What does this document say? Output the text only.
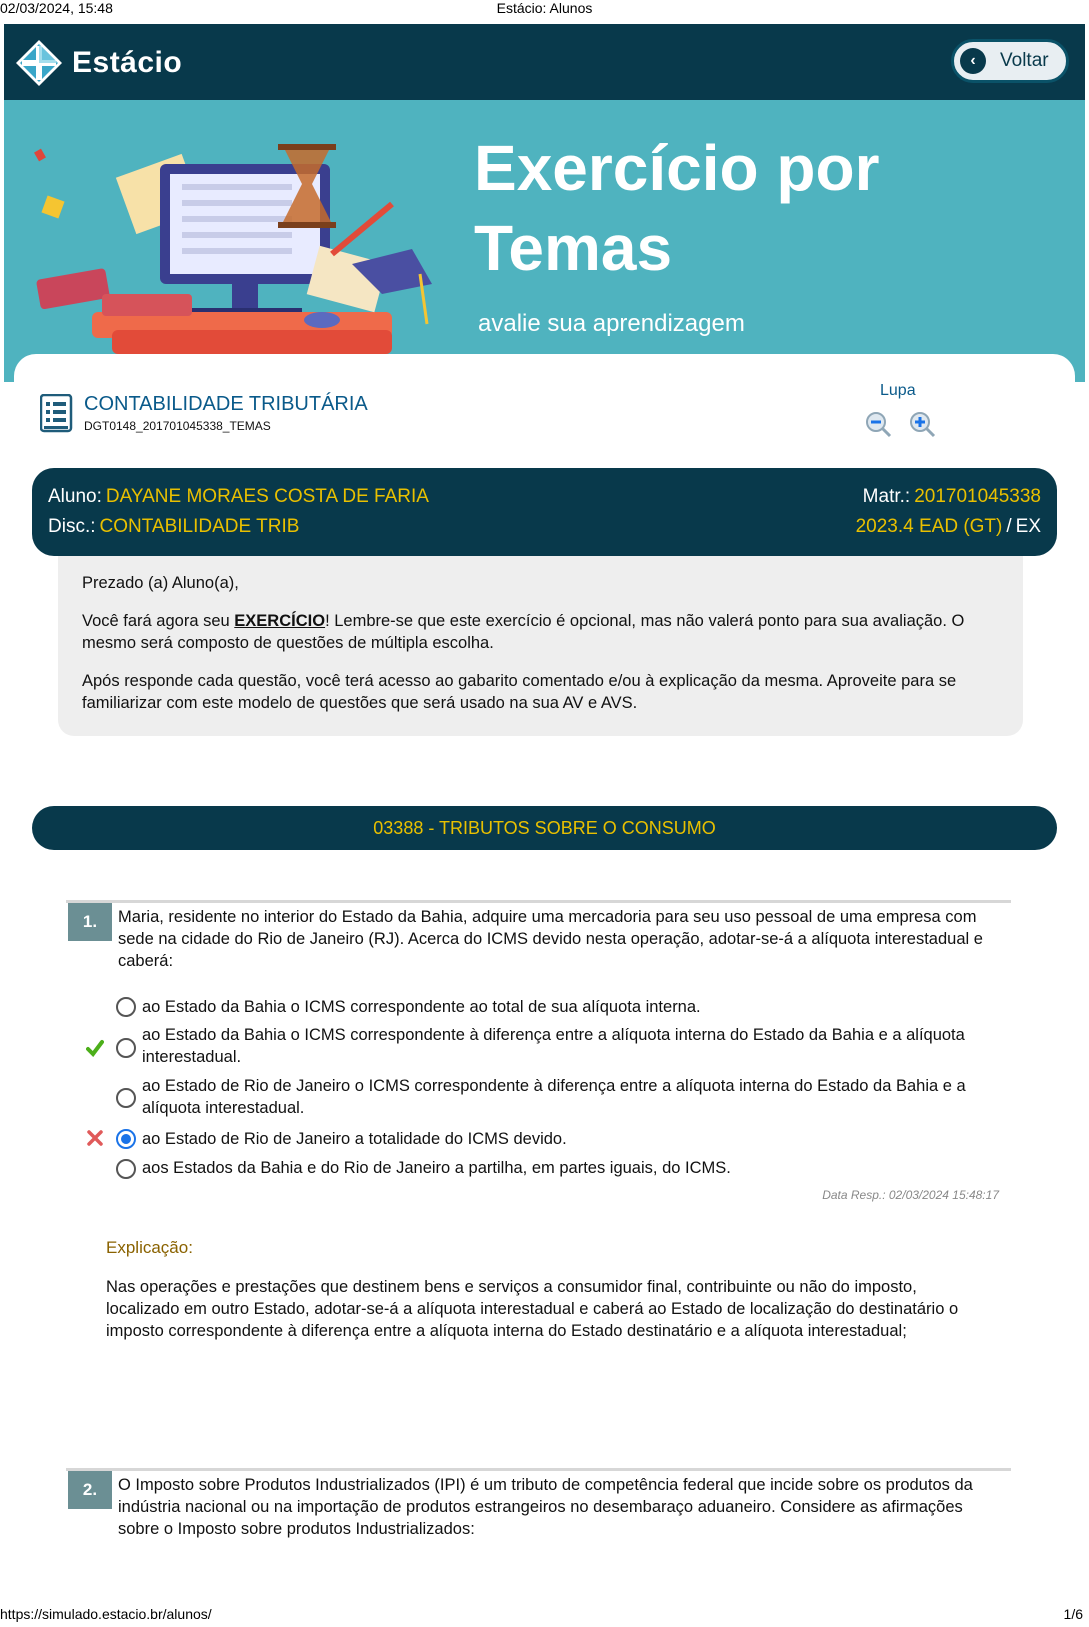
02/03/2024, 15:48	Estácio: Alunos
https://simulado.estacio.br/alunos/	1/6
Estácio	‹	Voltar
Exercício por
Temas
avalie sua aprendizagem
CONTABILIDADE TRIBUTÁRIA
DGT0148_201701045338_TEMAS
Lupa
Aluno: DAYANE MORAES COSTA DE FARIA
Disc.: CONTABILIDADE TRIB
Matr.: 201701045338
2023.4 EAD (GT) / EX

Prezado (a) Aluno(a),

Você fará agora seu EXERCÍCIO! Lembre-se que este exercício é opcional, mas não valerá ponto para sua avaliação. O mesmo será composto de questões de múltipla escolha.

Após responde cada questão, você terá acesso ao gabarito comentado e/ou à explicação da mesma. Aproveite para se familiarizar com este modelo de questões que será usado na sua AV e AVS.

03388 - TRIBUTOS SOBRE O CONSUMO
1.	Maria, residente no interior do Estado da Bahia, adquire uma mercadoria para seu uso pessoal de uma empresa com sede na cidade do Rio de Janeiro (RJ). Acerca do ICMS devido nesta operação, adotar-se-á a alíquota interestadual e caberá:
ao Estado da Bahia o ICMS correspondente ao total de sua alíquota interna.
ao Estado da Bahia o ICMS correspondente à diferença entre a alíquota interna do Estado da Bahia e a alíquota interestadual.
ao Estado de Rio de Janeiro o ICMS correspondente à diferença entre a alíquota interna do Estado da Bahia e a alíquota interestadual.
ao Estado de Rio de Janeiro a totalidade do ICMS devido.
aos Estados da Bahia e do Rio de Janeiro a partilha, em partes iguais, do ICMS.
Data Resp.: 02/03/2024 15:48:17
Explicação:
Nas operações e prestações que destinem bens e serviços a consumidor final, contribuinte ou não do imposto, localizado em outro Estado, adotar-se-á a alíquota interestadual e caberá ao Estado de localização do destinatário o imposto correspondente à diferença entre a alíquota interna do Estado destinatário e a alíquota interestadual;
2.	O Imposto sobre Produtos Industrializados (IPI) é um tributo de competência federal que incide sobre os produtos da indústria nacional ou na importação de produtos estrangeiros no desembaraço aduaneiro. Considere as afirmações sobre o Imposto sobre produtos Industrializados:
